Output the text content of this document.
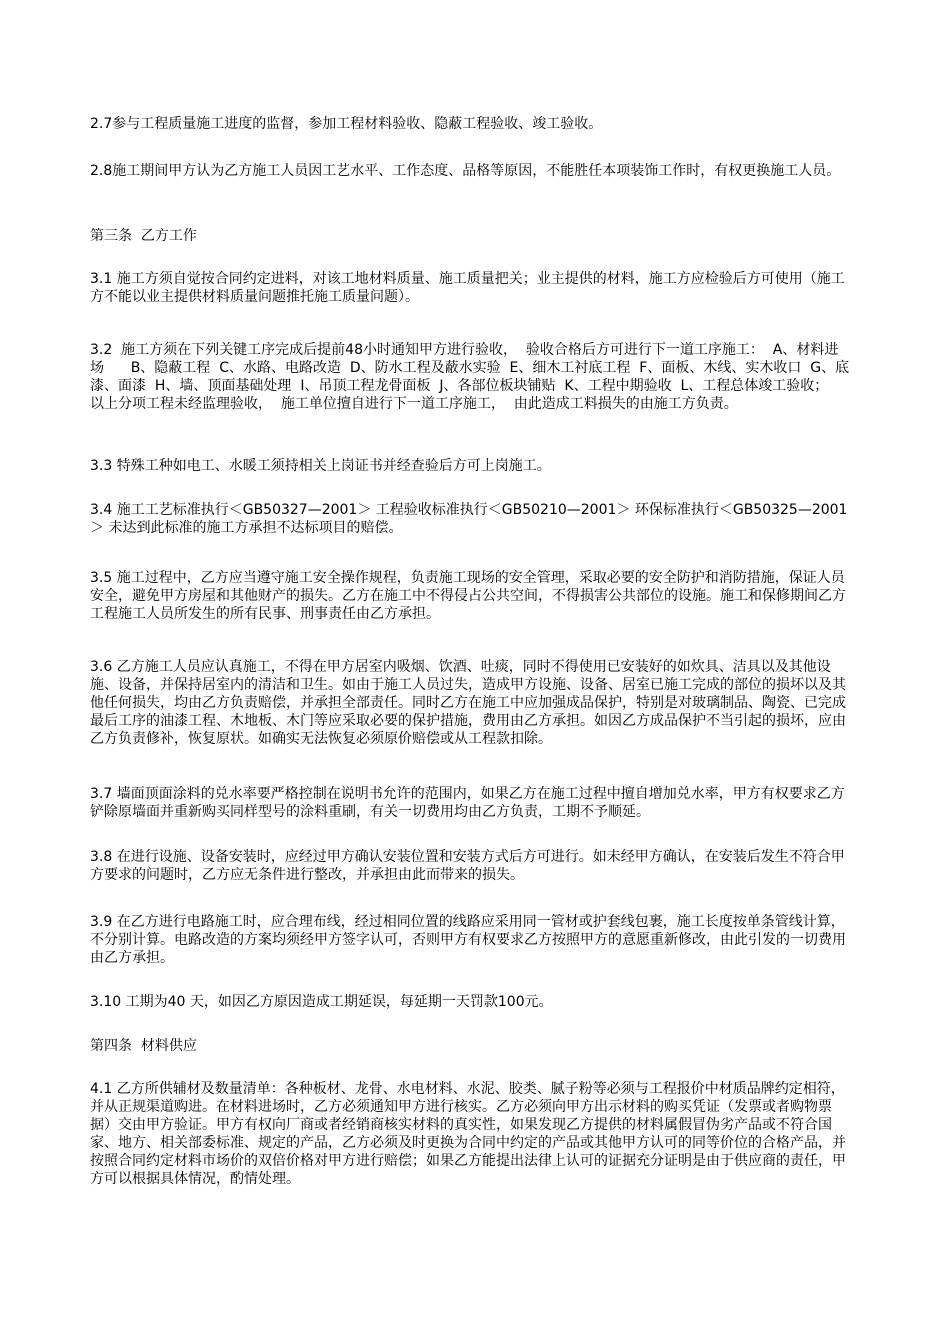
2.7参与工程质量施工进度的监督，参加工程材料验收、隐蔽工程验收、竣工验收。

2.8施工期间甲方认为乙方施工人员因工艺水平、工作态度、品格等原因，不能胜任本项装饰工作时，有权更换施工人员。

第三条  乙方工作

3.1 施工方须自觉按合同约定进料，对该工地材料质量、施工质量把关；业主提供的材料，施工方应检验后方可使用（施工方不能以业主提供材料质量问题推托施工质量问题）。

3.2  施工方须在下列关键工序完成后提前48小时通知甲方进行验收，  验收合格后方可进行下一道工序施工：  A、材料进场      B、隐蔽工程  C、水路、电路改造  D、防水工程及蔽水实验  E、细木工衬底工程  F、面板、木线、实木收口  G、底漆、面漆  H、墙、顶面基础处理  I、吊顶工程龙骨面板  J、各部位板块铺贴  K、工程中期验收  L、工程总体竣工验收；  以上分项工程未经监理验收，  施工单位擅自进行下一道工序施工，  由此造成工料损失的由施工方负责。

3.3 特殊工种如电工、水暖工须持相关上岗证书并经查验后方可上岗施工。

3.4 施工工艺标准执行＜GB50327—2001＞ 工程验收标准执行＜GB50210—2001＞ 环保标准执行＜GB50325—2001＞ 未达到此标准的施工方承担不达标项目的赔偿。

3.5 施工过程中，乙方应当遵守施工安全操作规程，负责施工现场的安全管理，采取必要的安全防护和消防措施，保证人员安全，避免甲方房屋和其他财产的损失。乙方在施工中不得侵占公共空间，不得损害公共部位的设施。施工和保修期间乙方工程施工人员所发生的所有民事、刑事责任由乙方承担。

3.6 乙方施工人员应认真施工，不得在甲方居室内吸烟、饮酒、吐痰，同时不得使用已安装好的如炊具、洁具以及其他设施、设备，并保持居室内的清洁和卫生。如由于施工人员过失，造成甲方设施、设备、居室已施工完成的部位的损坏以及其他任何损失，均由乙方负责赔偿，并承担全部责任。同时乙方在施工中应加强成品保护，特别是对玻璃制品、陶瓷、已完成最后工序的油漆工程、木地板、木门等应采取必要的保护措施，费用由乙方承担。如因乙方成品保护不当引起的损坏，应由乙方负责修补，恢复原状。如确实无法恢复必须原价赔偿或从工程款扣除。

3.7 墙面顶面涂料的兑水率要严格控制在说明书允许的范围内，如果乙方在施工过程中擅自增加兑水率，甲方有权要求乙方铲除原墙面并重新购买同样型号的涂料重刷，有关一切费用均由乙方负责，工期不予顺延。

3.8 在进行设施、设备安装时，应经过甲方确认安装位置和安装方式后方可进行。如未经甲方确认，在安装后发生不符合甲方要求的问题时，乙方应无条件进行整改，并承担由此而带来的损失。

3.9 在乙方进行电路施工时，应合理布线，经过相同位置的线路应采用同一管材或护套线包裹，施工长度按单条管线计算，不分别计算。电路改造的方案均须经甲方签字认可，否则甲方有权要求乙方按照甲方的意愿重新修改，由此引发的一切费用由乙方承担。

3.10 工期为40 天，如因乙方原因造成工期延误，每延期一天罚款100元。

第四条  材料供应

4.1 乙方所供辅材及数量清单：各种板材、龙骨、水电材料、水泥、胶类、腻子粉等必须与工程报价中材质品牌约定相符，并从正规渠道购进。在材料进场时，乙方必须通知甲方进行核实。乙方必须向甲方出示材料的购买凭证（发票或者购物票据）交由甲方验证。甲方有权向厂商或者经销商核实材料的真实性，如果发现乙方提供的材料属假冒伪劣产品或不符合国家、地方、相关部委标准、规定的产品，乙方必须及时更换为合同中约定的产品或其他甲方认可的同等价位的合格产品，并按照合同约定材料市场价的双倍价格对甲方进行赔偿；如果乙方能提出法律上认可的证据充分证明是由于供应商的责任，甲方可以根据具体情况，酌情处理。
